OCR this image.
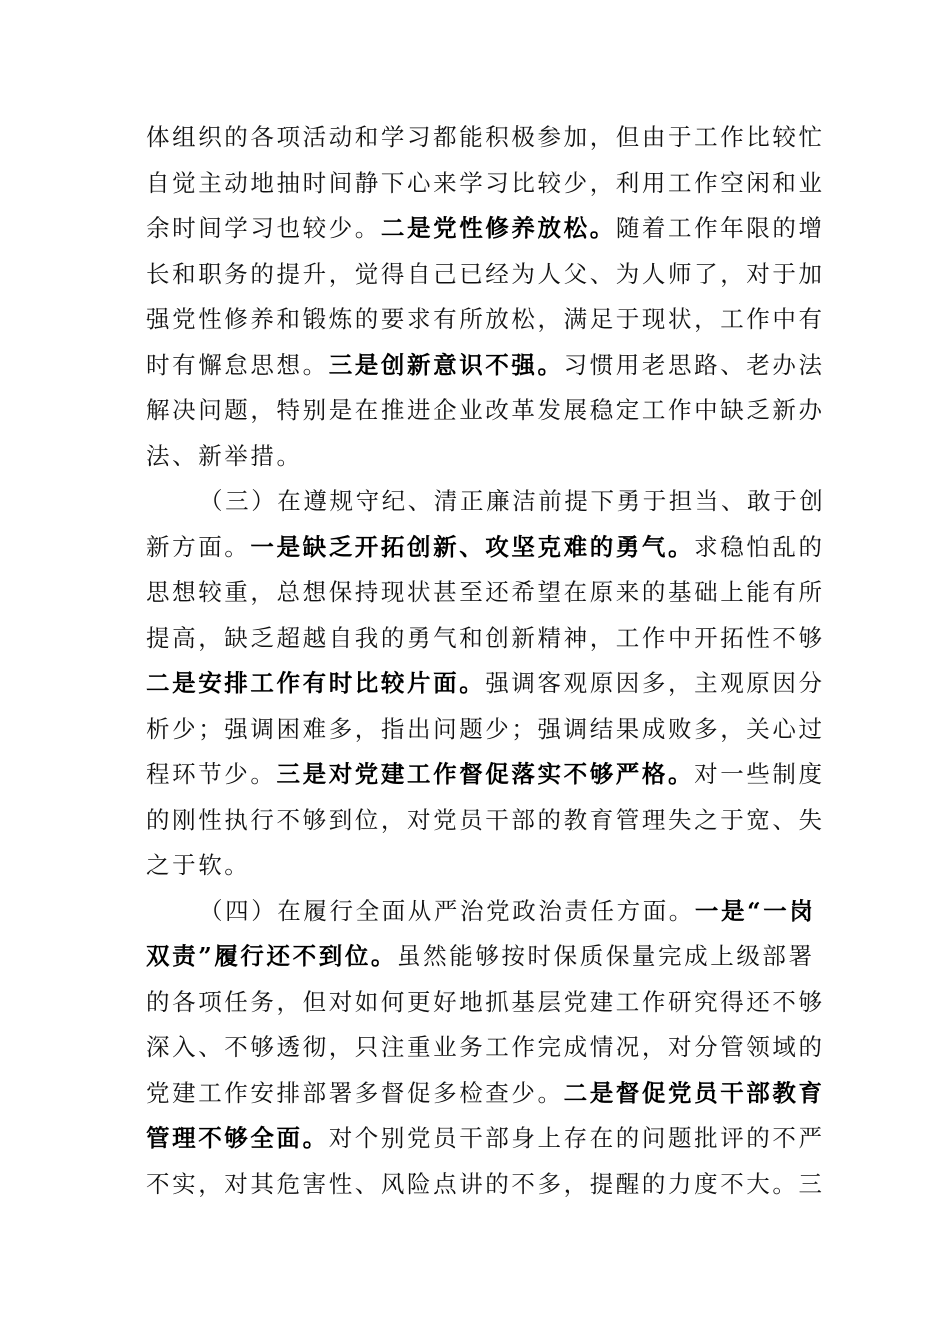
体组织的各项活动和学习都能积极参加，但由于工作比较忙
自觉主动地抽时间静下心来学习比较少，利用工作空闲和业
余时间学习也较少。二是党性修养放松。随着工作年限的增
长和职务的提升，觉得自己已经为人父、为人师了，对于加
强党性修养和锻炼的要求有所放松，满足于现状，工作中有
时有懈怠思想。三是创新意识不强。习惯用老思路、老办法
解决问题，特别是在推进企业改革发展稳定工作中缺乏新办
法、新举措。
（三）在遵规守纪、清正廉洁前提下勇于担当、敢于创
新方面。一是缺乏开拓创新、攻坚克难的勇气。求稳怕乱的
思想较重，总想保持现状甚至还希望在原来的基础上能有所
提高，缺乏超越自我的勇气和创新精神，工作中开拓性不够
二是安排工作有时比较片面。强调客观原因多，主观原因分
析少；强调困难多，指出问题少；强调结果成败多，关心过
程环节少。三是对党建工作督促落实不够严格。对一些制度
的刚性执行不够到位，对党员干部的教育管理失之于宽、失
之于软。
（四）在履行全面从严治党政治责任方面。一是“一岗
双责”履行还不到位。虽然能够按时保质保量完成上级部署
的各项任务，但对如何更好地抓基层党建工作研究得还不够
深入、不够透彻，只注重业务工作完成情况，对分管领域的
党建工作安排部署多督促多检查少。二是督促党员干部教育
管理不够全面。对个别党员干部身上存在的问题批评的不严
不实，对其危害性、风险点讲的不多，提醒的力度不大。三
